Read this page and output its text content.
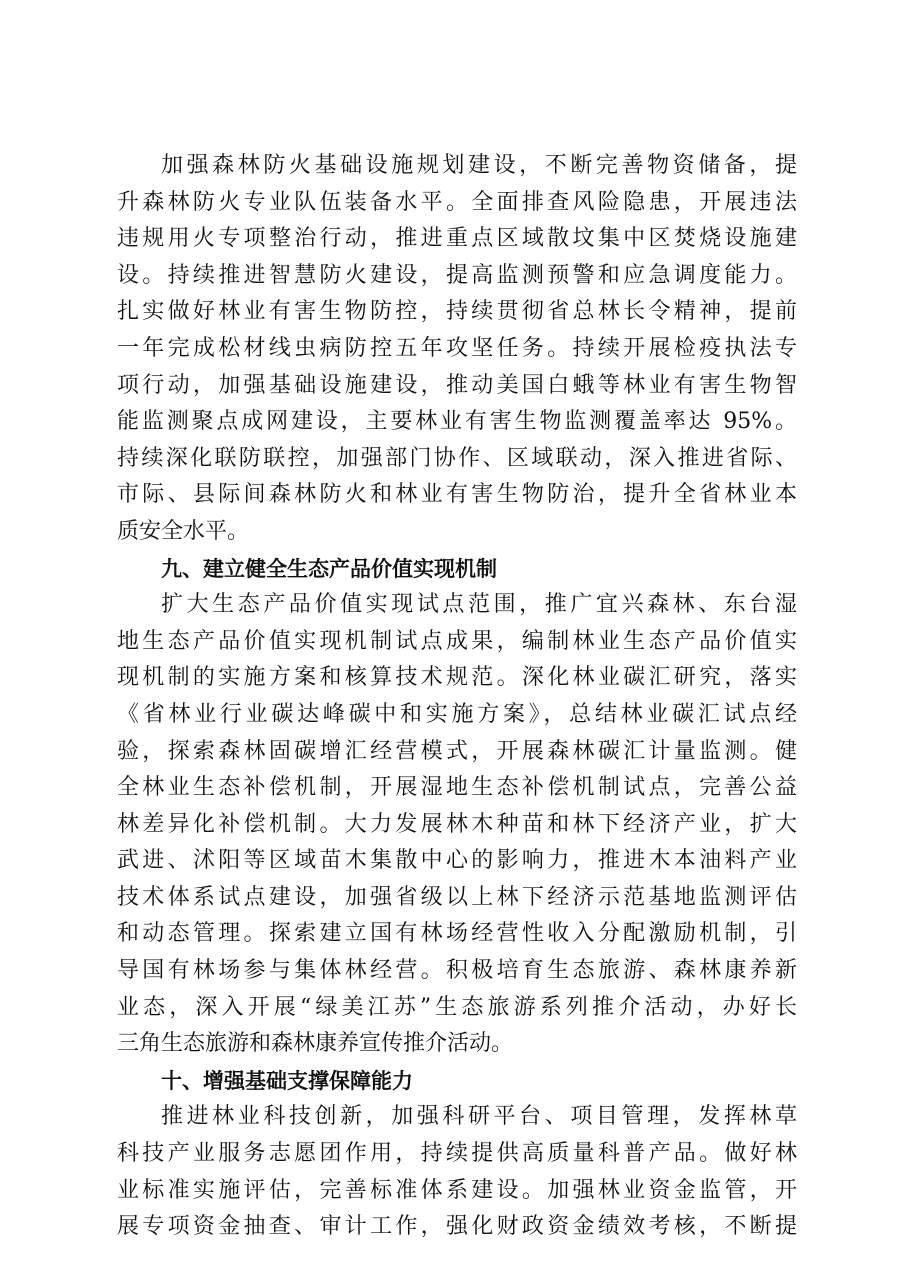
加强森林防火基础设施规划建设，不断完善物资储备，提
升森林防火专业队伍装备水平。全面排查风险隐患，开展违法
违规用火专项整治行动，推进重点区域散坟集中区焚烧设施建
设。持续推进智慧防火建设，提高监测预警和应急调度能力。
扎实做好林业有害生物防控，持续贯彻省总林长令精神，提前
一年完成松材线虫病防控五年攻坚任务。持续开展检疫执法专
项行动，加强基础设施建设，推动美国白蛾等林业有害生物智
能监测聚点成网建设，主要林业有害生物监测覆盖率达 95%。
持续深化联防联控，加强部门协作、区域联动，深入推进省际、
市际、县际间森林防火和林业有害生物防治，提升全省林业本
质安全水平。
九、建立健全生态产品价值实现机制
扩大生态产品价值实现试点范围，推广宜兴森林、东台湿
地生态产品价值实现机制试点成果，编制林业生态产品价值实
现机制的实施方案和核算技术规范。深化林业碳汇研究，落实
《省林业行业碳达峰碳中和实施方案》，总结林业碳汇试点经
验，探索森林固碳增汇经营模式，开展森林碳汇计量监测。健
全林业生态补偿机制，开展湿地生态补偿机制试点，完善公益
林差异化补偿机制。大力发展林木种苗和林下经济产业，扩大
武进、沭阳等区域苗木集散中心的影响力，推进木本油料产业
技术体系试点建设，加强省级以上林下经济示范基地监测评估
和动态管理。探索建立国有林场经营性收入分配激励机制，引
导国有林场参与集体林经营。积极培育生态旅游、森林康养新
业态，深入开展“绿美江苏”生态旅游系列推介活动，办好长
三角生态旅游和森林康养宣传推介活动。
十、增强基础支撑保障能力
推进林业科技创新，加强科研平台、项目管理，发挥林草
科技产业服务志愿团作用，持续提供高质量科普产品。做好林
业标准实施评估，完善标准体系建设。加强林业资金监管，开
展专项资金抽查、审计工作，强化财政资金绩效考核，不断提
